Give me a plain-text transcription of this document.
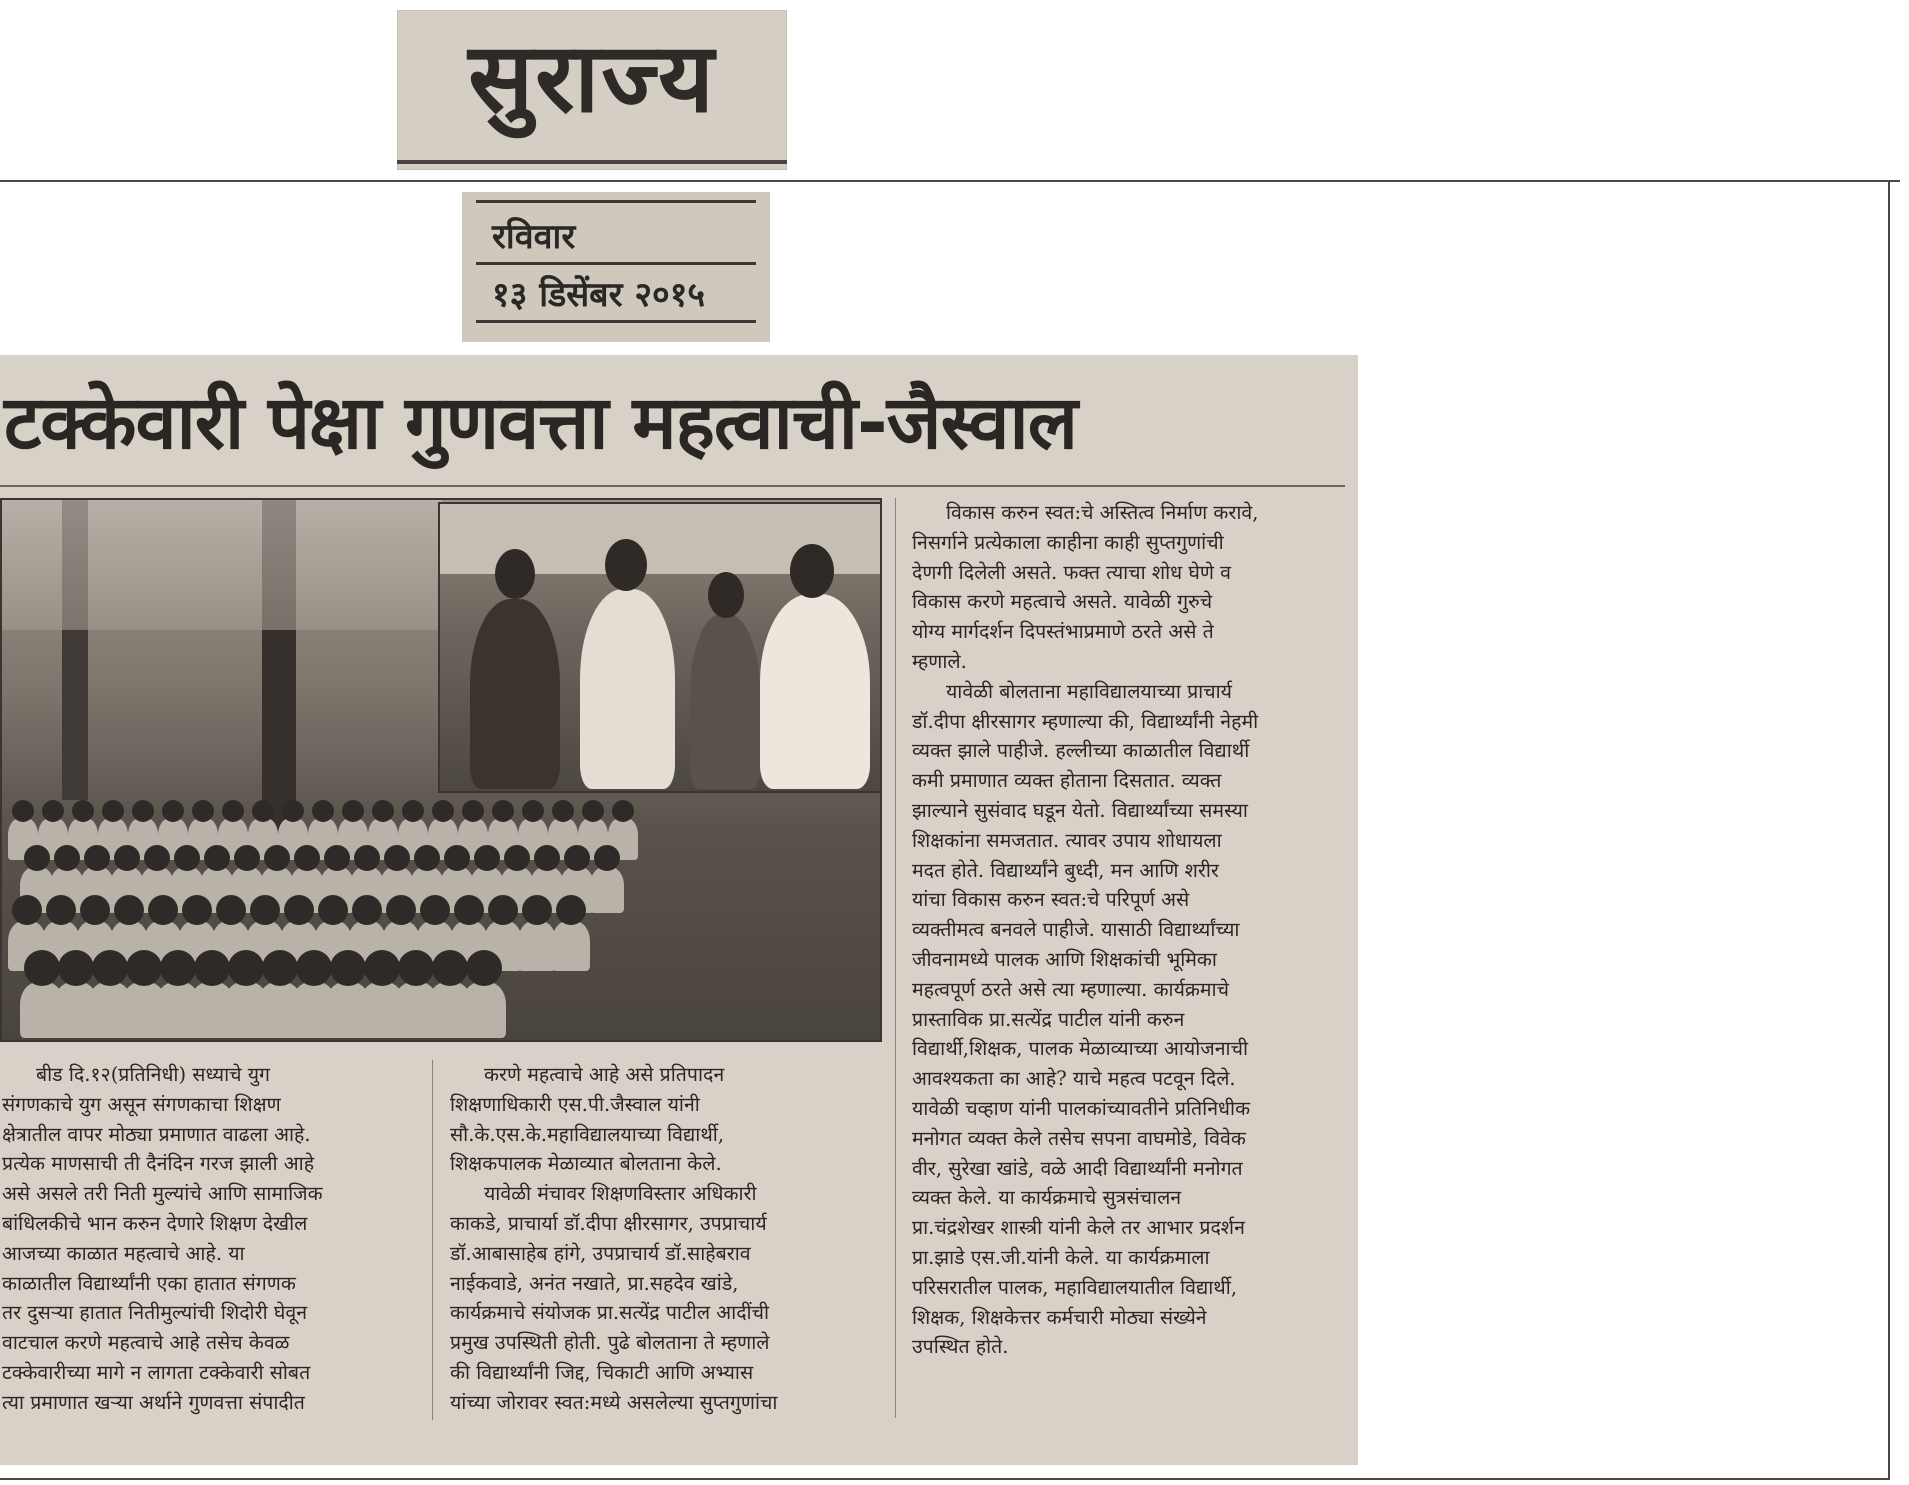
सुराज्य
रविवार
१३ डिसेंबर २०१५
टक्केवारी पेक्षा गुणवत्ता महत्वाची-जैस्वाल
बीड दि.१२(प्रतिनिधी) सध्याचे युग
संगणकाचे युग असून संगणकाचा शिक्षण
क्षेत्रातील वापर मोठ्या प्रमाणात वाढला आहे.
प्रत्येक माणसाची ती दैनंदिन गरज झाली आहे
असे असले तरी निती मुल्यांचे आणि सामाजिक
बांधिलकीचे भान करुन देणारे शिक्षण देखील
आजच्या काळात महत्वाचे आहे. या
काळातील विद्यार्थ्यांनी एका हातात संगणक
तर दुसऱ्या हातात नितीमुल्यांची शिदोरी घेवून
वाटचाल करणे महत्वाचे आहे तसेच केवळ
टक्केवारीच्या मागे न लागता टक्केवारी सोबत
त्या प्रमाणात खऱ्या अर्थाने गुणवत्ता संपादीत
करणे महत्वाचे आहे असे प्रतिपादन
शिक्षणाधिकारी एस.पी.जैस्वाल यांनी
सौ.के.एस.के.महाविद्यालयाच्या विद्यार्थी,
शिक्षकपालक मेळाव्यात बोलताना केले.
यावेळी मंचावर शिक्षणविस्तार अधिकारी
काकडे, प्राचार्या डॉ.दीपा क्षीरसागर, उपप्राचार्य
डॉ.आबासाहेब हांगे, उपप्राचार्य डॉ.साहेबराव
नाईकवाडे, अनंत नखाते, प्रा.सहदेव खांडे,
कार्यक्रमाचे संयोजक प्रा.सत्येंद्र पाटील आदींची
प्रमुख उपस्थिती होती. पुढे बोलताना ते म्हणाले
की विद्यार्थ्यांनी जिद्द, चिकाटी आणि अभ्यास
यांच्या जोरावर स्वत:मध्ये असलेल्या सुप्तगुणांचा
विकास करुन स्वत:चे अस्तित्व निर्माण करावे,
निसर्गाने प्रत्येकाला काहीना काही सुप्तगुणांची
देणगी दिलेली असते. फक्त त्याचा शोध घेणे व
विकास करणे महत्वाचे असते. यावेळी गुरुचे
योग्य मार्गदर्शन दिपस्तंभाप्रमाणे ठरते असे ते
म्हणाले.
यावेळी बोलताना महाविद्यालयाच्या प्राचार्य
डॉ.दीपा क्षीरसागर म्हणाल्या की, विद्यार्थ्यांनी नेहमी
व्यक्त झाले पाहीजे. हल्लीच्या काळातील विद्यार्थी
कमी प्रमाणात व्यक्त होताना दिसतात. व्यक्त
झाल्याने सुसंवाद घडून येतो. विद्यार्थ्यांच्या समस्या
शिक्षकांना समजतात. त्यावर उपाय शोधायला
मदत होते. विद्यार्थ्यांने बुध्दी, मन आणि शरीर
यांचा विकास करुन स्वत:चे परिपूर्ण असे
व्यक्तीमत्व बनवले पाहीजे. यासाठी विद्यार्थ्यांच्या
जीवनामध्ये पालक आणि शिक्षकांची भूमिका
महत्वपूर्ण ठरते असे त्या म्हणाल्या. कार्यक्रमाचे
प्रास्ताविक प्रा.सत्येंद्र पाटील यांनी करुन
विद्यार्थी,शिक्षक, पालक मेळाव्याच्या आयोजनाची
आवश्यकता का आहे? याचे महत्व पटवून दिले.
यावेळी चव्हाण यांनी पालकांच्यावतीने प्रतिनिधीक
मनोगत व्यक्त केले तसेच सपना वाघमोडे, विवेक
वीर, सुरेखा खांडे, वळे आदी विद्यार्थ्यांनी मनोगत
व्यक्त केले. या कार्यक्रमाचे सुत्रसंचालन
प्रा.चंद्रशेखर शास्त्री यांनी केले तर आभार प्रदर्शन
प्रा.झाडे एस.जी.यांनी केले. या कार्यक्रमाला
परिसरातील पालक, महाविद्यालयातील विद्यार्थी,
शिक्षक, शिक्षकेत्तर कर्मचारी मोठ्या संख्येने
उपस्थित होते.
